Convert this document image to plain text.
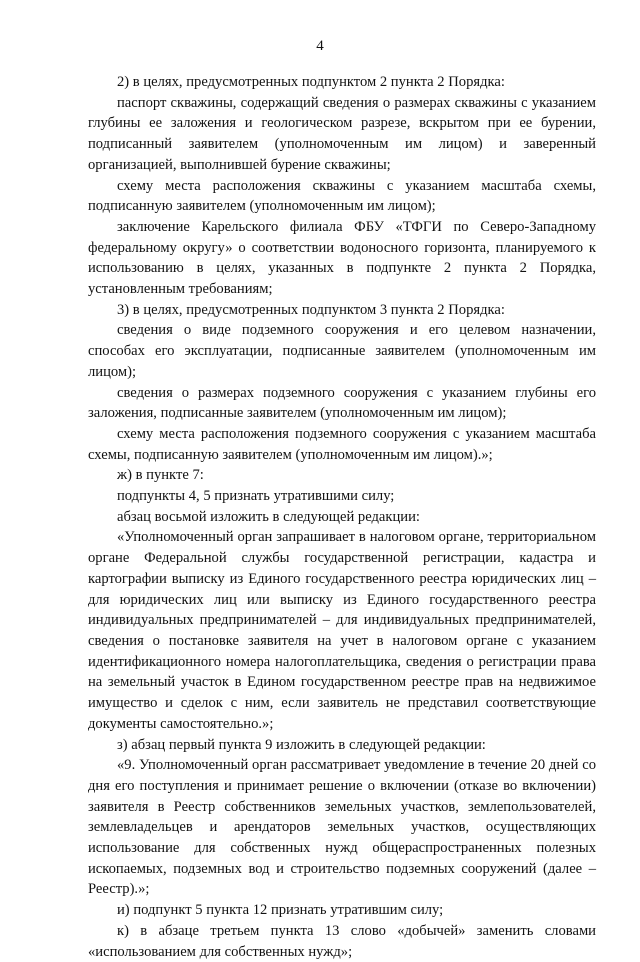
4

2) в целях, предусмотренных подпунктом 2 пункта 2 Порядка:

паспорт скважины, содержащий сведения о размерах скважины с указанием глубины ее заложения и геологическом разрезе, вскрытом при ее бурении, подписанный заявителем (уполномоченным им лицом) и заверенный организацией, выполнившей бурение скважины;

схему места расположения скважины с указанием масштаба схемы, подписанную заявителем (уполномоченным им лицом);

заключение Карельского филиала ФБУ «ТФГИ по Северо-Западному федеральному округу» о соответствии водоносного горизонта, планируемого к использованию в целях, указанных в подпункте 2 пункта 2 Порядка, установленным требованиям;

3) в целях, предусмотренных подпунктом 3 пункта 2 Порядка:

сведения о виде подземного сооружения и его целевом назначении, способах его эксплуатации, подписанные заявителем (уполномоченным им лицом);

сведения о размерах подземного сооружения с указанием глубины его заложения, подписанные заявителем (уполномоченным им лицом);

схему места расположения подземного сооружения с указанием масштаба схемы, подписанную заявителем (уполномоченным им лицом).»;

ж) в пункте 7:

подпункты 4, 5 признать утратившими силу;

абзац восьмой изложить в следующей редакции:

«Уполномоченный орган запрашивает в налоговом органе, территориальном органе Федеральной службы государственной регистрации, кадастра и картографии выписку из Единого государственного реестра юридических лиц – для юридических лиц или выписку из Единого государственного реестра индивидуальных предпринимателей – для индивидуальных предпринимателей, сведения о постановке заявителя на учет в налоговом органе с указанием идентификационного номера налогоплательщика, сведения о регистрации права на земельный участок в Едином государственном реестре прав на недвижимое имущество и сделок с ним, если заявитель не представил соответствующие документы самостоятельно.»;

з) абзац первый пункта 9 изложить в следующей редакции:

«9. Уполномоченный орган рассматривает уведомление в течение 20 дней со дня его поступления и принимает решение о включении (отказе во включении) заявителя в Реестр собственников земельных участков, землепользователей, землевладельцев и арендаторов земельных участков, осуществляющих использование для собственных нужд общераспространенных полезных ископаемых, подземных вод и строительство подземных сооружений (далее – Реестр).»;

и) подпункт 5 пункта 12 признать утратившим силу;

к) в абзаце третьем пункта 13 слово «добычей» заменить словами «использованием для собственных нужд»;
